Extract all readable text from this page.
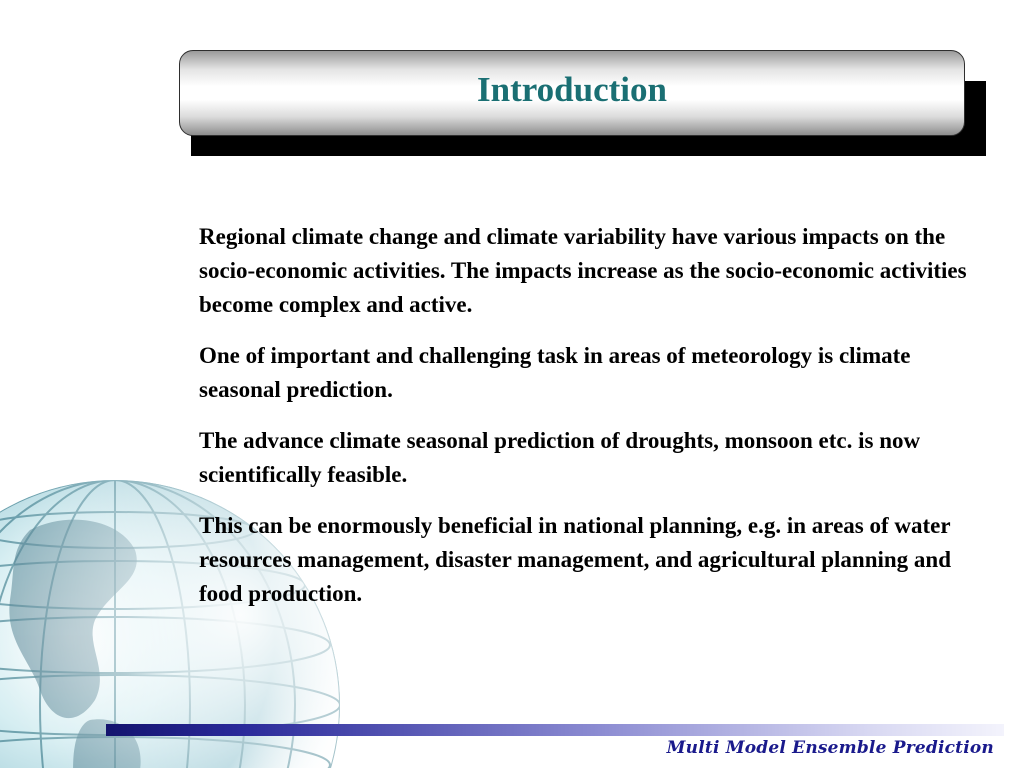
Introduction

Regional climate change and climate variability have various impacts on the socio-economic activities. The impacts increase as the socio-economic activities become complex and active.

One of important and challenging task in areas of meteorology is climate seasonal prediction.

The advance climate seasonal prediction of droughts, monsoon etc. is now scientifically feasible.

This can be enormously beneficial in national planning, e.g. in areas of water resources management, disaster management, and agricultural planning and food production.

Multi Model Ensemble Prediction
